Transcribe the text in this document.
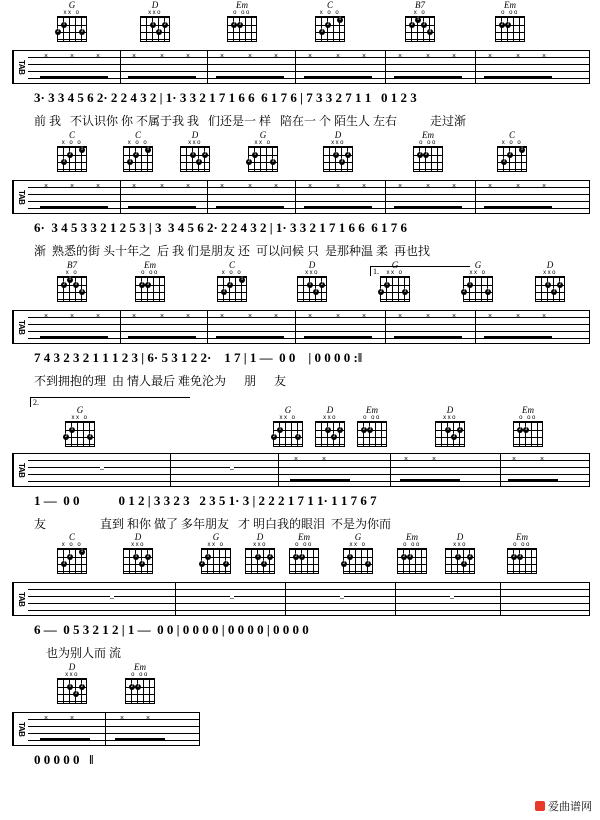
G
xx o
2
1
3
D
xxo
1	2
3
Em
o oo
2 3
C
x o o
3
2
1
B7
x o
2
1
3
4
Em
o oo
2 3
TAB
×	×	×	×	×	×	×	×	×	×	×	×	×	×	×	×	×	×

3· 3 3 4 5 6 2· 2 2 4 3 2 | 1· 3 3 2 1 7 1 6 6  6 1 7 6 | 7 3 3 2 7 1 1   0 1 2 3

前 我   不认识你 你 不属于我 我   们还是一 样   陪在一 个 陌生人 左右           走过渐

C
x o o
3
2
1
C
x o o
3
2
1
D
xxo
1	2
3
G
xx o
2
1
3
D
xxo
1	2
3
Em
o oo
2 3
C
x o o
3
2
1
TAB
×	×	×	×	×	×	×	×	×	×	×	×	×	×	×	×	×	×

6·  3 4 5 3 3 2 1 2 5 3 | 3  3 4 5 6 2· 2 2 4 3 2 | 1· 3 3 2 1 7 1 6 6  6 1 7 6

渐  熟悉的街 头十年之  后 我 们是朋友 还  可以问候 只  是那种温 柔  再也找

1.
B7
x o
2
1
3
4
Em
o oo
2 3
C
x o o
3
2
1
D
xxo
1	2
3
G
xx o
2
1
3
G
xx o
2
1
3
D
xxo
1	2
3
TAB
×	×	×	×	×	×	×	×	×	×	×	×	×	×	×	×	×	×

7 4 3 2 3 2 1 1 1 2 3 | 6· 5 3 1 2 2·    1 7 | 1 —  0 0    | 0 0 0 0 :‖

不到拥抱的理  由 情人最后 难免沦为      朋      友

2.
G
xx o
2
1
3
G
xx o
2
1
3
D
xxo
1	2
3
Em
o oo
2 3
D
xxo
1	2
3
Em
o oo
2 3
TAB	–	–
×	×	×	×	×	×

1 —  0 0            0 1 2 | 3 3 2 3   2 3 5 1· 3 | 2 2 2 1 7 1 1· 1 1 7 6 7

友                  直到 和你 做了 多年朋友   才 明白我的眼泪  不是为你而

C
x o o
3
2
1
D
xxo
1	2
3
G
xx o
2
1
3
D
xxo
1	2
3
Em
o oo
2 3
G
xx o
2
1
3
Em
o oo
2 3
D
xxo
1	2
3
Em
o oo
2 3
TAB	–	–	–	–

6 —  0 5 3 2 1 2 | 1 —  0 0 | 0 0 0 0 | 0 0 0 0 | 0 0 0 0

也为别人而 流

D
xxo
1	2
3
Em
o oo
2 3
TAB
×	×	×	×

0 0 0 0 0   ‖

爱曲谱网
